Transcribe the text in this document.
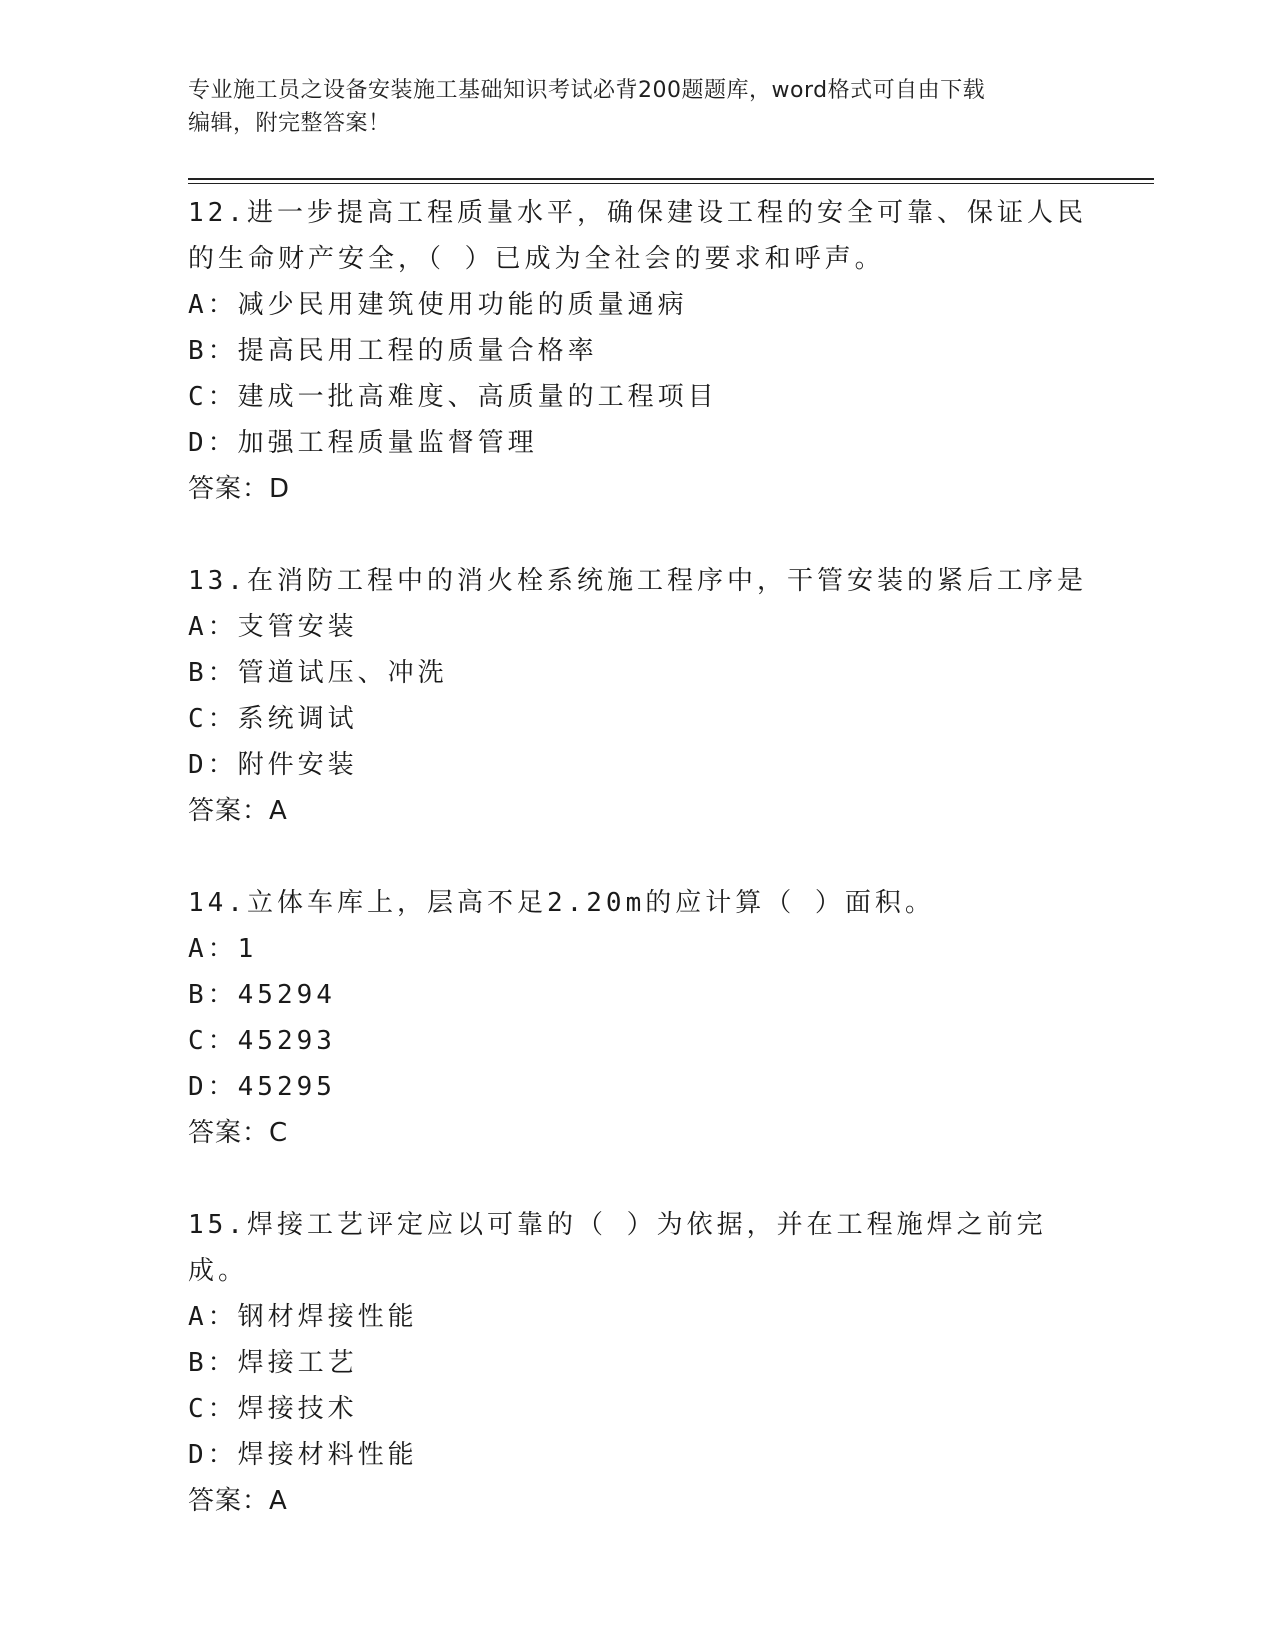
专业施工员之设备安装施工基础知识考试必背200题题库，word格式可自由下载
编辑，附完整答案！
12.进一步提高工程质量水平，确保建设工程的安全可靠、保证人民的生命财产安全，（ ）已成为全社会的要求和呼声。
A：减少民用建筑使用功能的质量通病
B：提高民用工程的质量合格率
C：建成一批高难度、高质量的工程项目
D：加强工程质量监督管理
答案：D
13.在消防工程中的消火栓系统施工程序中，干管安装的紧后工序是
A：支管安装
B：管道试压、冲洗
C：系统调试
D：附件安装
答案：A
14.立体车库上，层高不足2.20m的应计算（ ）面积。
A：1
B：45294
C：45293
D：45295
答案：C
15.焊接工艺评定应以可靠的（ ）为依据，并在工程施焊之前完成。
A：钢材焊接性能
B：焊接工艺
C：焊接技术
D：焊接材料性能
答案：A
